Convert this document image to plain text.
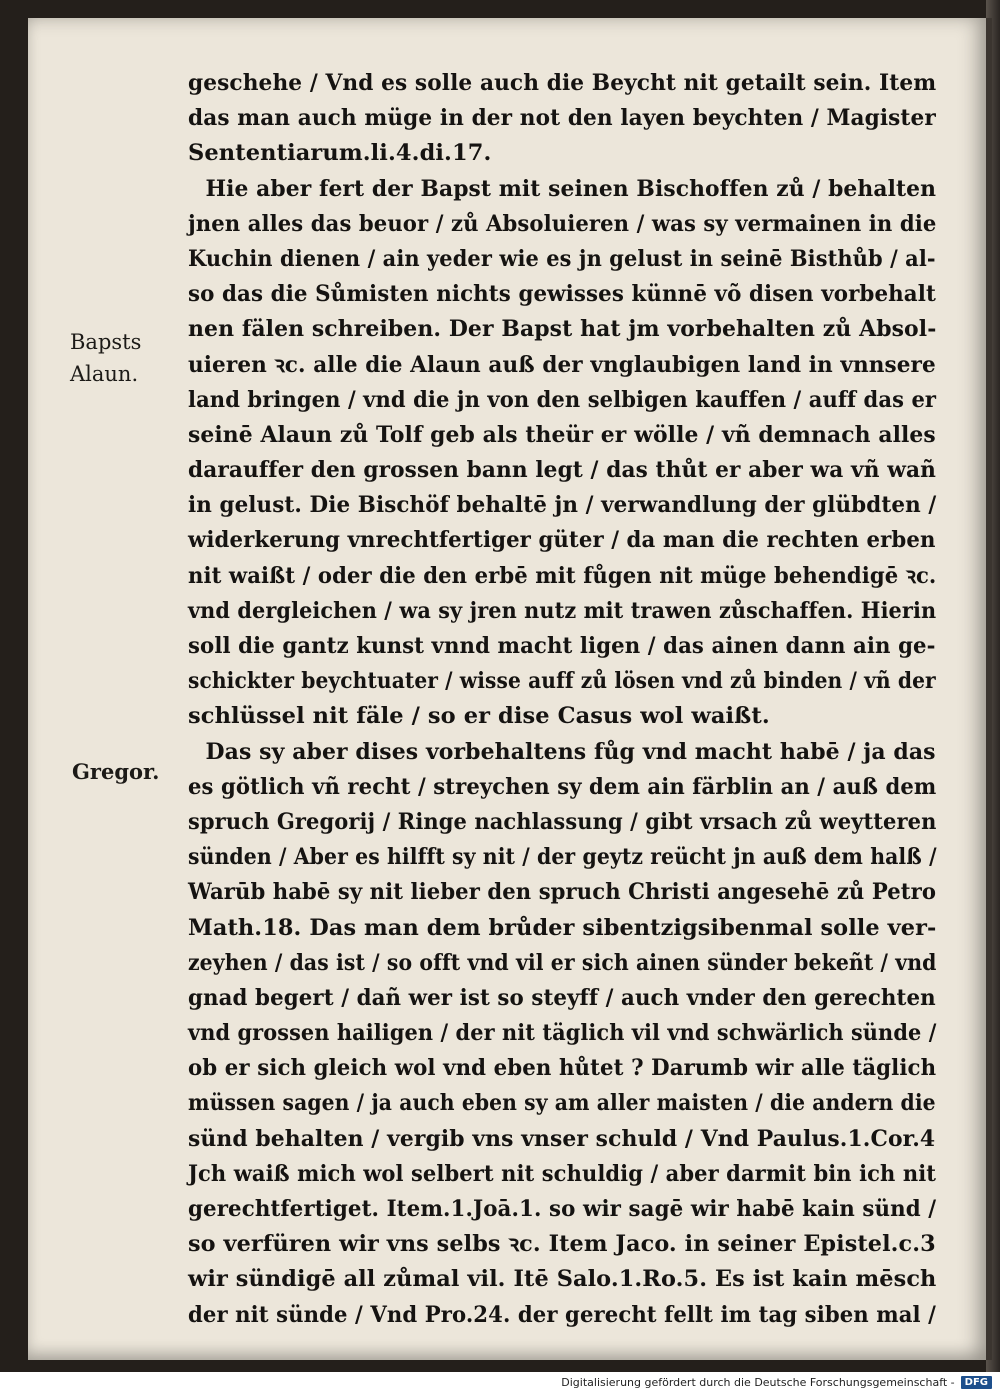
Bapsts
Alaun.
Gregor.
geschehe / Vnd es solle auch die Beycht nit getailt sein. Item
das man auch müge in der not den layen beychten / Magister
Sententiarum.li.4.di.17.
Hie aber fert der Bapst mit seinen Bischoffen zů / behalten
jnen alles das beuor / zů Absoluieren / was sy vermainen in die
Kuchin dienen / ain yeder wie es jn gelust in seinē Bisthůb / al-
so das die Sůmisten nichts gewisses künnē võ disen vorbehalt
nen fälen schreiben. Der Bapst hat jm vorbehalten zů Absol-
uieren ꝛc. alle die Alaun auß der vnglaubigen land in vnnsere
land bringen / vnd die jn von den selbigen kauffen / auff das er
seinē Alaun zů Tolf geb als theür er wölle / vñ demnach alles
darauffer den grossen bann legt / das thůt er aber wa vñ wañ
in gelust. Die Bischöf behaltē jn / verwandlung der glübdten /
widerkerung vnrechtfertiger güter / da man die rechten erben
nit waißt / oder die den erbē mit fůgen nit müge behendigē ꝛc.
vnd dergleichen / wa sy jren nutz mit trawen zůschaffen. Hierin
soll die gantz kunst vnnd macht ligen / das ainen dann ain ge-
schickter beychtuater / wisse auff zů lösen vnd zů binden / vñ der
schlüssel nit fäle / so er dise Casus wol waißt.
Das sy aber dises vorbehaltens fůg vnd macht habē / ja das
es götlich vñ recht / streychen sy dem ain färblin an / auß dem
spruch Gregorij / Ringe nachlassung / gibt vrsach zů weytteren
sünden / Aber es hilfft sy nit / der geytz reücht jn auß dem halß /
Warūb habē sy nit lieber den spruch Christi angesehē zů Petro
Math.18. Das man dem brůder sibentzigsibenmal solle ver-
zeyhen / das ist / so offt vnd vil er sich ainen sünder bekeñt / vnd
gnad begert / dañ wer ist so steyff / auch vnder den gerechten
vnd grossen hailigen / der nit täglich vil vnd schwärlich sünde /
ob er sich gleich wol vnd eben hůtet ? Darumb wir alle täglich
müssen sagen / ja auch eben sy am aller maisten / die andern die
sünd behalten / vergib vns vnser schuld / Vnd Paulus.1.Cor.4
Jch waiß mich wol selbert nit schuldig / aber darmit bin ich nit
gerechtfertiget. Item.1.Joā.1. so wir sagē wir habē kain sünd /
so verfüren wir vns selbs ꝛc. Item Jaco. in seiner Epistel.c.3
wir sündigē all zůmal vil. Itē Salo.1.Ro.5. Es ist kain mēsch
der nit sünde / Vnd Pro.24. der gerecht fellt im tag siben mal /
Digitalisierung gefördert durch die Deutsche Forschungsgemeinschaft -	DFG
